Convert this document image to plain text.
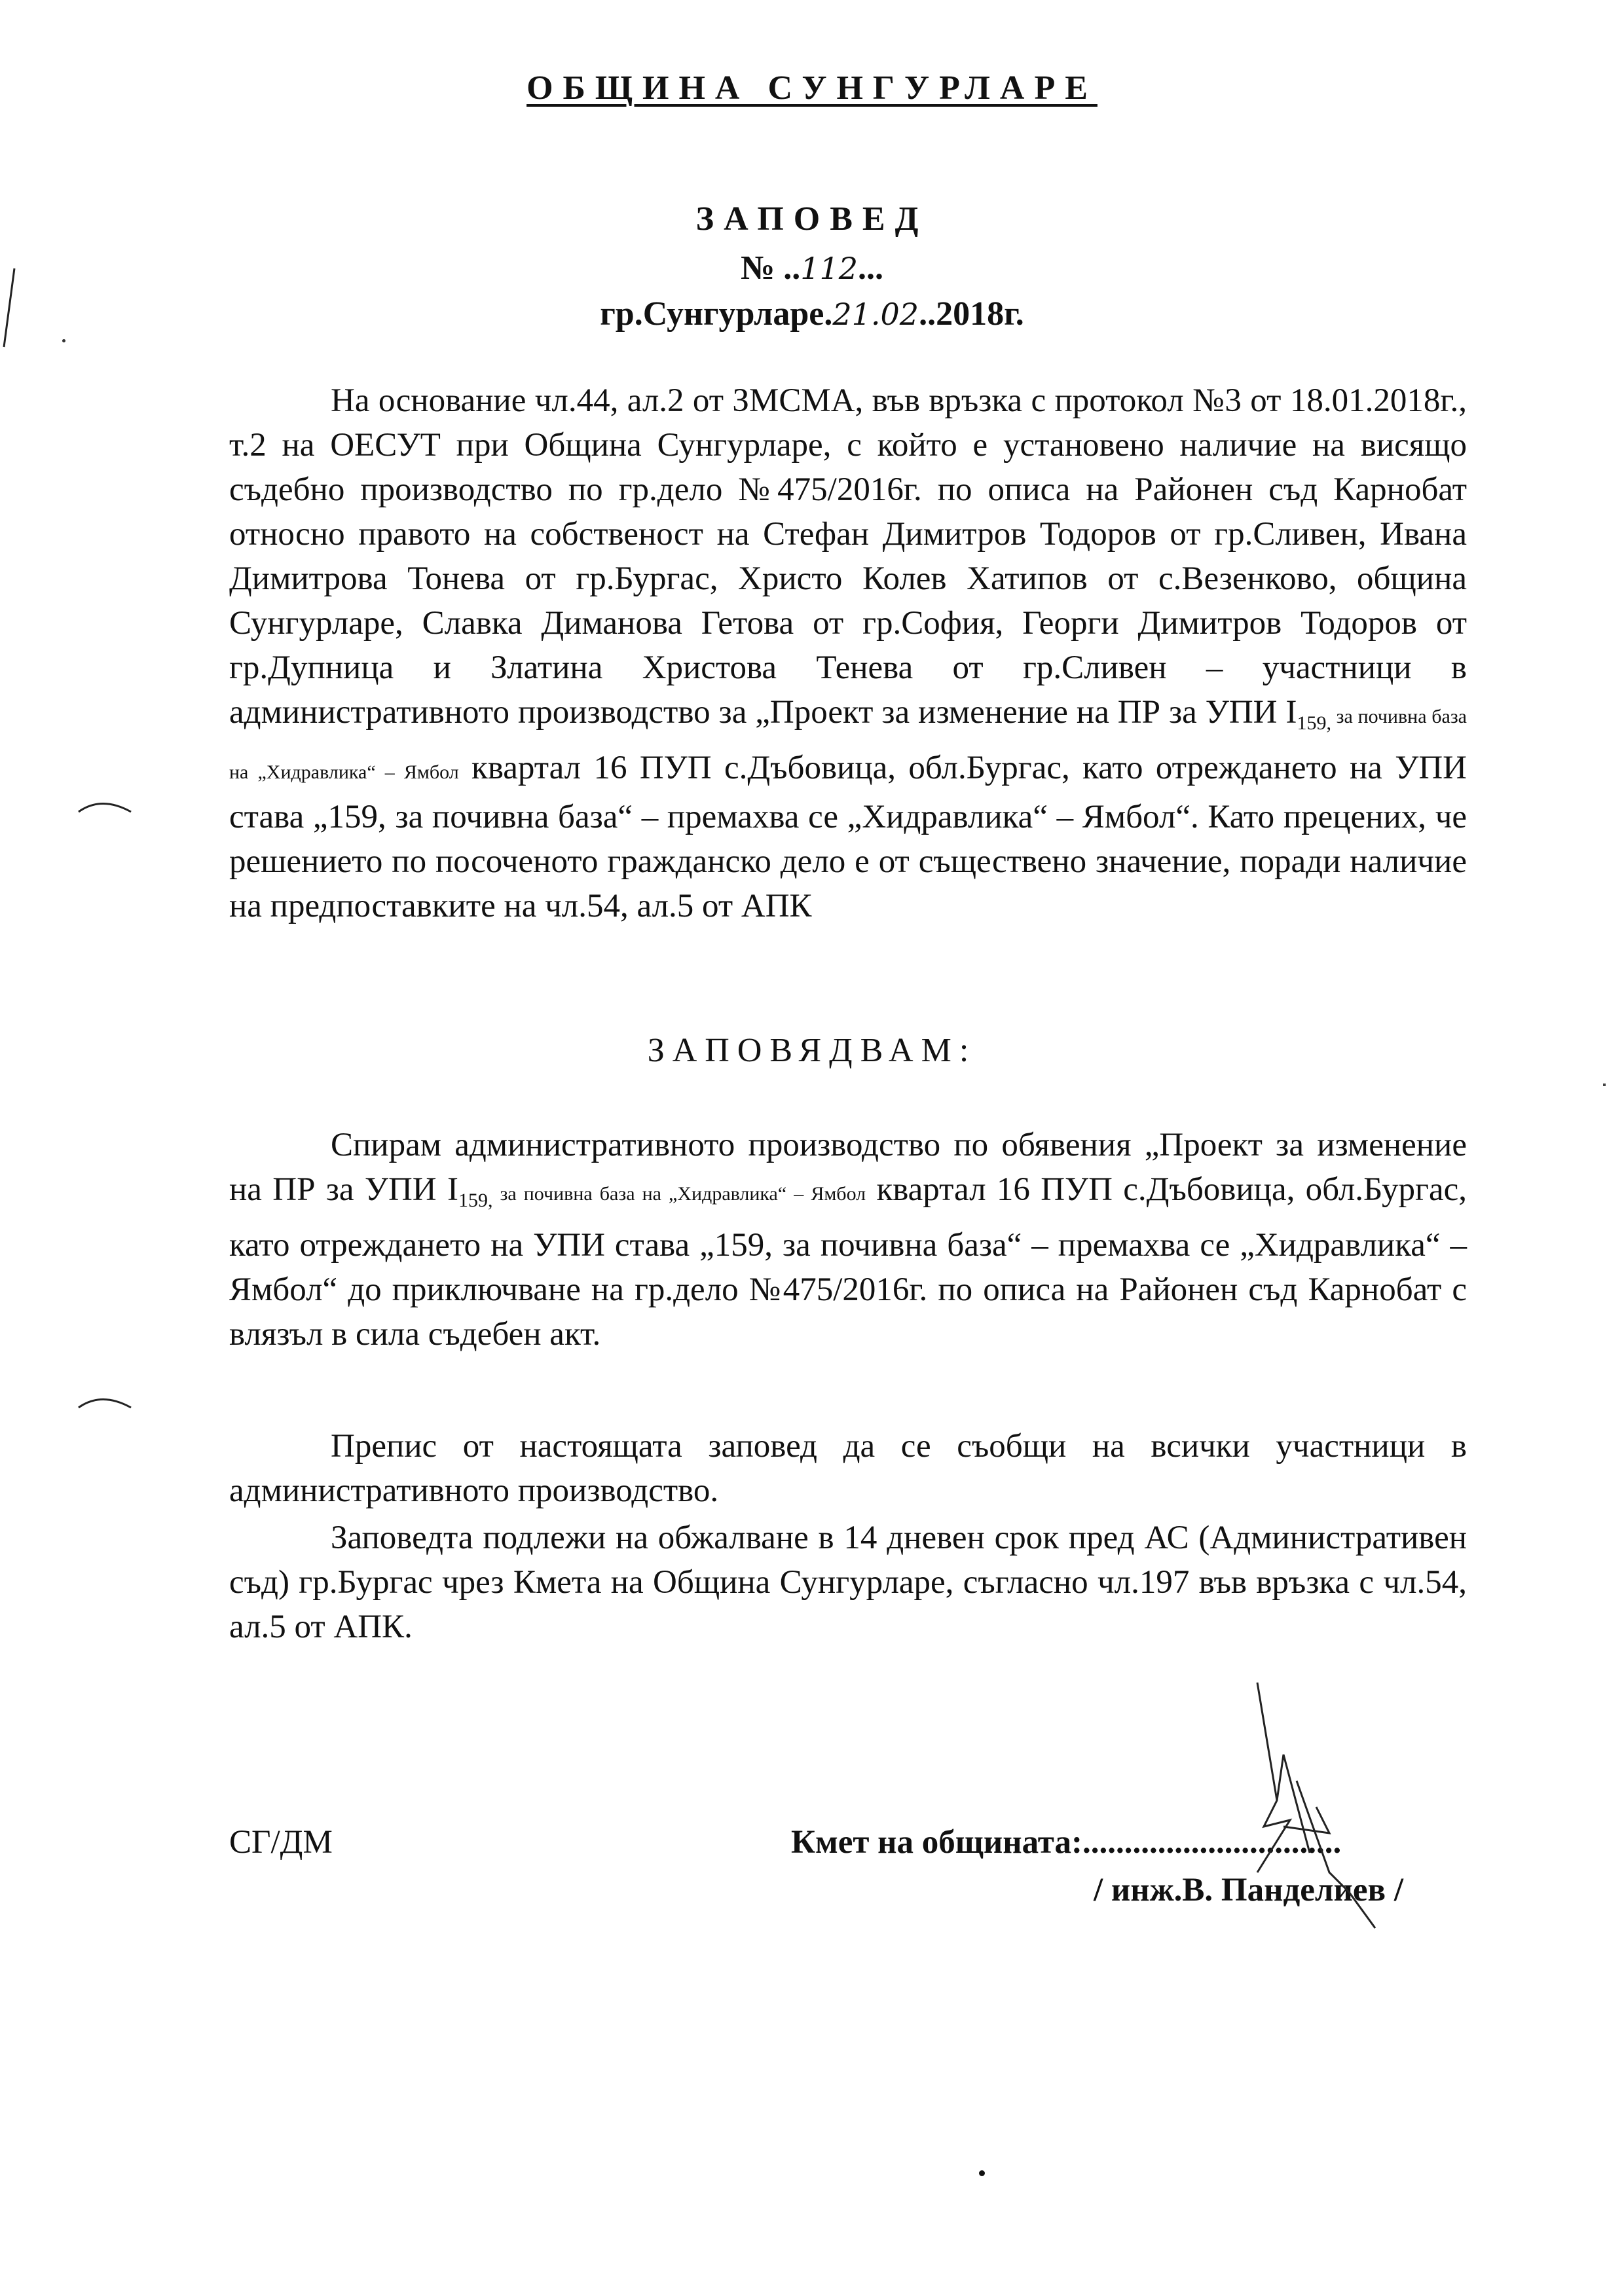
ОБЩИНА СУНГУРЛАРЕ
ЗАПОВЕД
№ ..112...
гр.Сунгурларе.21.02..2018г.

На основание чл.44, ал.2 от ЗМСМА, във връзка с протокол №3 от 18.01.2018г., т.2 на ОЕСУТ при Община Сунгурларе, с който е установено наличие на висящо съдебно производство по гр.дело №475/2016г. по описа на Районен съд Карнобат относно правото на собственост на Стефан Димитров Тодоров от гр.Сливен, Ивана Димитрова Тонева от гр.Бургас, Христо Колев Хатипов от с.Везенково, община Сунгурларе, Славка Диманова Гетова от гр.София, Георги Димитров Тодоров от гр.Дупница и Златина Христова Тенева от гр.Сливен – участници в административното производство за „Проект за изменение на ПР за УПИ $I_{159,}$ за почивна база на „Хидравлика“ – Ямбол квартал 16 ПУП с.Дъбовица, обл.Бургас, като отреждането на УПИ става „159, за почивна база“ – премахва се „Хидравлика“ – Ямбол“. Като прецених, че решението по посоченото гражданско дело е от съществено значение, поради наличие на предпоставките на чл.54, ал.5 от АПК

ЗАПОВЯДВАМ:

Спирам административното производство по обявения „Проект за изменение на ПР за УПИ $I_{159,}$ за почивна база на „Хидравлика“ – Ямбол квартал 16 ПУП с.Дъбовица, обл.Бургас, като отреждането на УПИ става „159, за почивна база“ – премахва се „Хидравлика“ – Ямбол“ до приключване на гр.дело №475/2016г. по описа на Районен съд Карнобат с влязъл в сила съдебен акт.

Препис от настоящата заповед да се съобщи на всички участници в административното производство.

Заповедта подлежи на обжалване в 14 дневен срок пред АС (Административен съд) гр.Бургас чрез Кмета на Община Сунгурларе, съгласно чл.197 във връзка с чл.54, ал.5 от АПК.

СГ/ДМ	Кмет на общината:...............................
/ инж.В. Панделиев /
